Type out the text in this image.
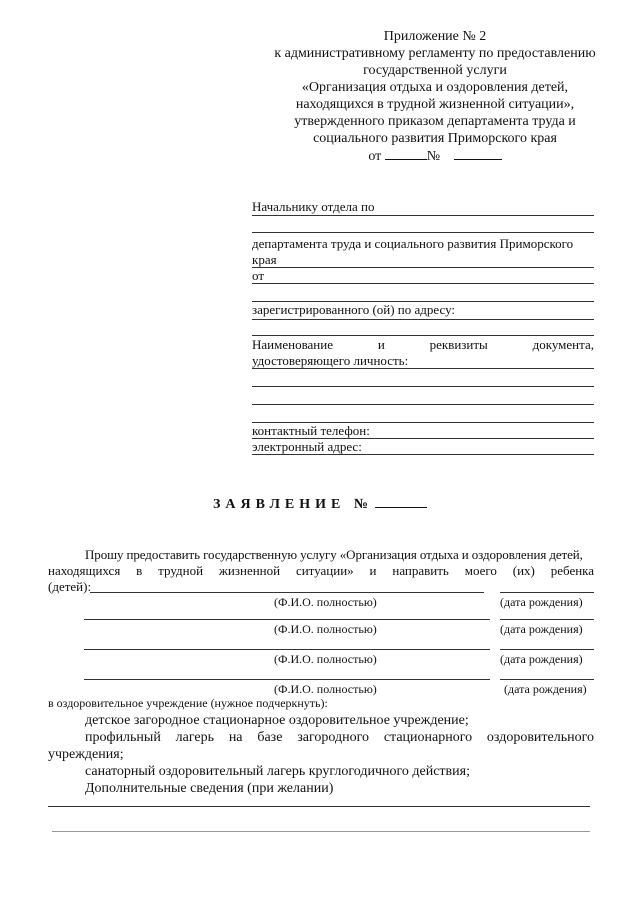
Приложение № 2
к административному регламенту по предоставлению
государственной услуги
«Организация отдыха и оздоровления детей,
находящихся в трудной жизненной ситуации»,
утвержденного приказом департамента труда и
социального развития Приморского края
от	№
Начальнику отдела по
департамента труда и социального развития Приморского
края
от
зарегистрированного (ой) по адресу:
Наименование	и	реквизиты	документа,
удостоверяющего личность:
контактный телефон:
электронный адрес:
ЗАЯВЛЕНИЕ №
Прошу предоставить государственную услугу «Организация отдыха и оздоровления детей,
находящихся в трудной жизненной ситуации» и направить моего (их) ребенка
(детей):
(Ф.И.О. полностью)	(дата рождения)
(Ф.И.О. полностью)	(дата рождения)
(Ф.И.О. полностью)	(дата рождения)
(Ф.И.О. полностью)	(дата рождения)
в оздоровительное учреждение (нужное подчеркнуть):
детское загородное стационарное оздоровительное учреждение;
профильный лагерь на базе загородного стационарного оздоровительного
учреждения;
санаторный оздоровительный лагерь круглогодичного действия;
Дополнительные сведения (при желании)
